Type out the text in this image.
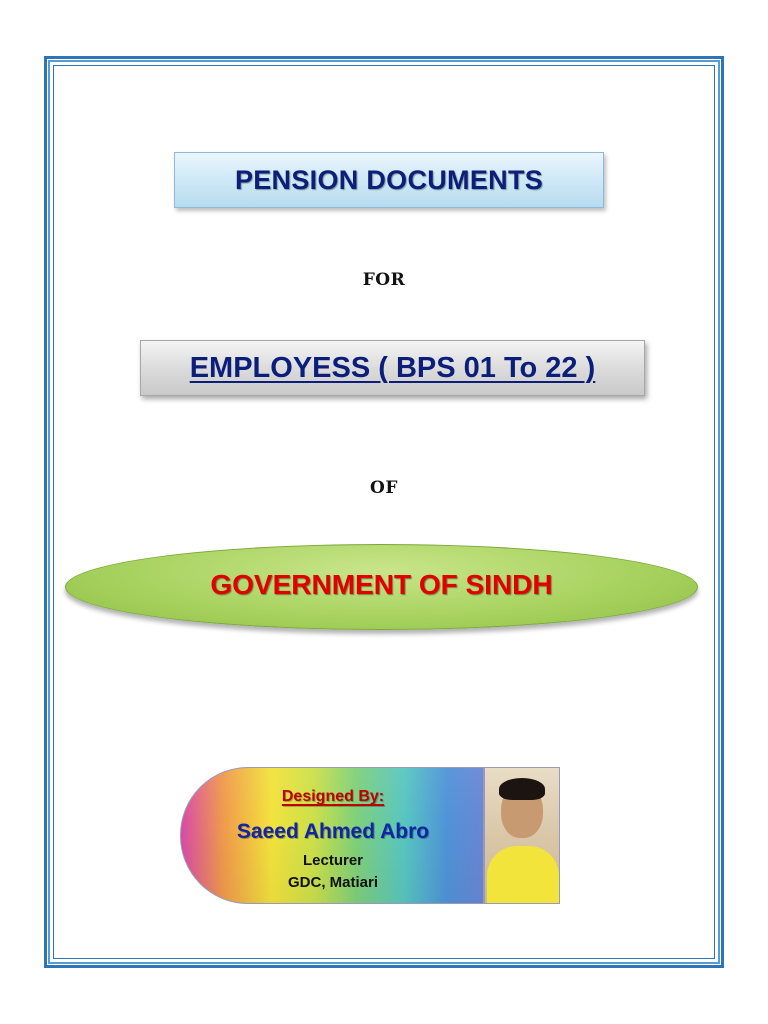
PENSION DOCUMENTS
FOR
EMPLOYESS ( BPS 01 To 22 )
OF
GOVERNMENT OF SINDH
Designed By:
Saeed Ahmed Abro
Lecturer
GDC, Matiari
